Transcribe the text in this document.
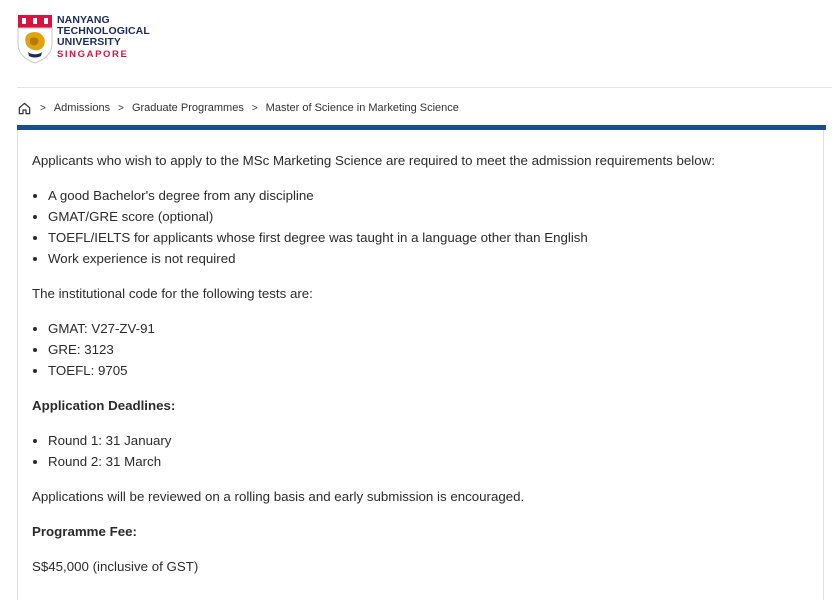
NANYANG
TECHNOLOGICAL
UNIVERSITY
SINGAPORE
> Admissions > Graduate Programmes > Master of Science in Marketing Science

Applicants who wish to apply to the MSc Marketing Science are required to meet the admission requirements below:

• A good Bachelor's degree from any discipline
• GMAT/GRE score (optional)
• TOEFL/IELTS for applicants whose first degree was taught in a language other than English
• Work experience is not required

The institutional code for the following tests are:

• GMAT: V27-ZV-91
• GRE: 3123
• TOEFL: 9705

Application Deadlines:

• Round 1: 31 January
• Round 2: 31 March

Applications will be reviewed on a rolling basis and early submission is encouraged.

Programme Fee:

S$45,000 (inclusive of GST)
